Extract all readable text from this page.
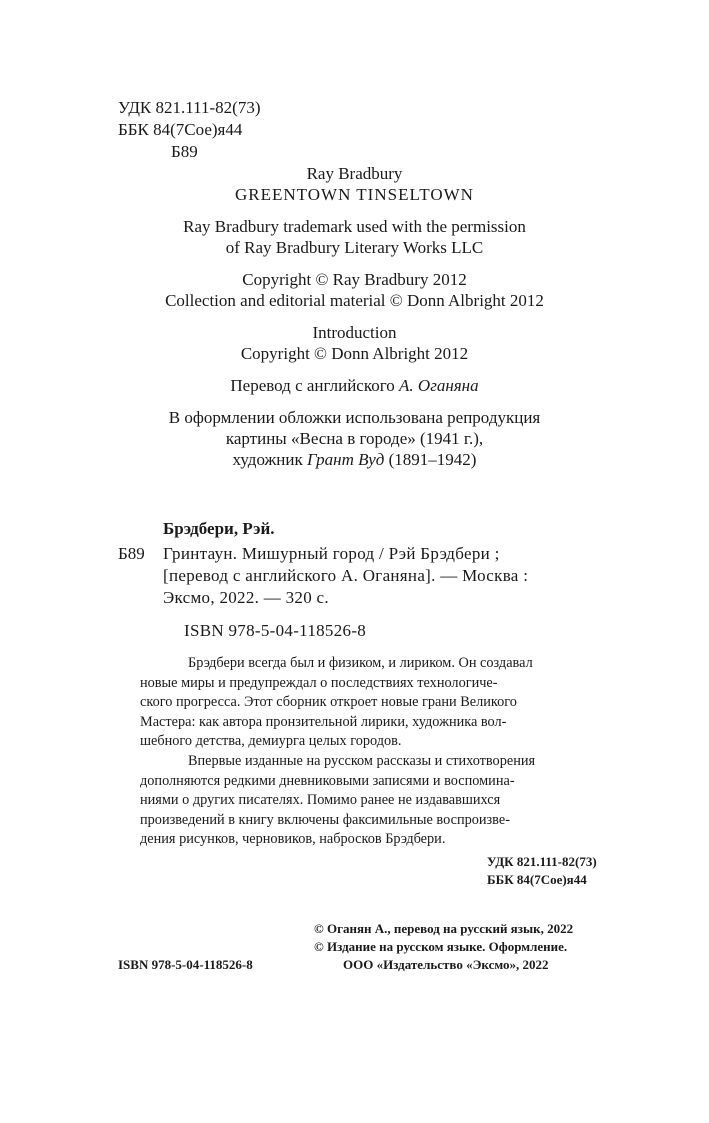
УДК 821.111-82(73)
ББК 84(7Сое)я44
Б89
Ray Bradbury
GREENTOWN TINSELTOWN
Ray Bradbury trademark used with the permission
of Ray Bradbury Literary Works LLC
Copyright © Ray Bradbury 2012
Collection and editorial material © Donn Albright 2012
Introduction
Copyright © Donn Albright 2012
Перевод с английского А. Оганяна
В оформлении обложки использована репродукция
картины «Весна в городе» (1941 г.),
художник Грант Вуд (1891–1942)
Брэдбери, Рэй.
Б89 Гринтаун. Мишурный город / Рэй Брэдбери ;
[перевод с английского А. Оганяна]. — Москва :
Эксмо, 2022. — 320 с.
ISBN 978-5-04-118526-8

Брэдбери всегда был и физиком, и лириком. Он создавал
новые миры и предупреждал о последствиях технологиче-
ского прогресса. Этот сборник откроет новые грани Великого
Мастера: как автора пронзительной лирики, художника вол-
шебного детства, демиурга целых городов.

Впервые изданные на русском рассказы и стихотворения
дополняются редкими дневниковыми записями и воспомина-
ниями о других писателях. Помимо ранее не издававшихся
произведений в книгу включены факсимильные воспроизве-
дения рисунков, черновиков, набросков Брэдбери.

УДК 821.111-82(73)
ББК 84(7Сое)я44
© Оганян А., перевод на русский язык, 2022
© Издание на русском языке. Оформление.
ISBN 978-5-04-118526-8	ООО «Издательство «Эксмо», 2022
